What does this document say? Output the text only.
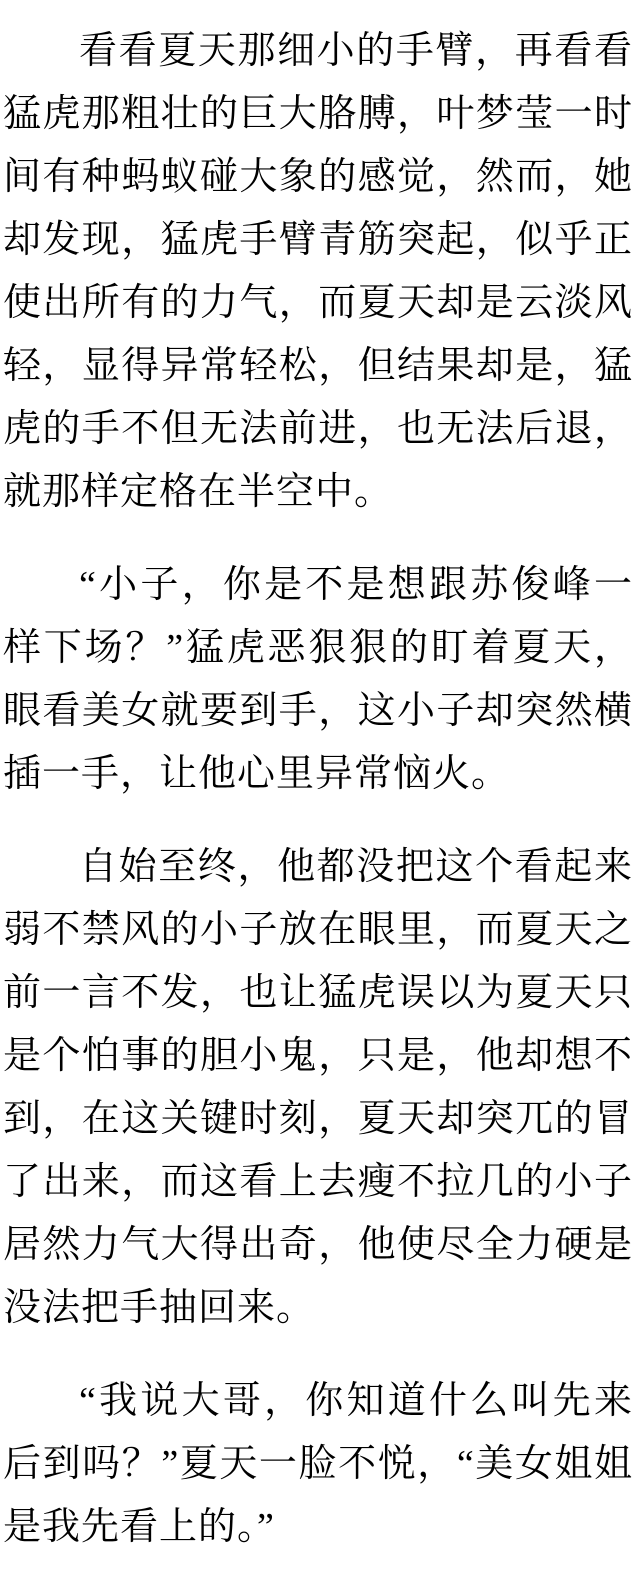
看看夏天那细小的手臂，再看看猛虎那粗壮的巨大胳膊，叶梦莹一时间有种蚂蚁碰大象的感觉，然而，她却发现，猛虎手臂青筋突起，似乎正使出所有的力气，而夏天却是云淡风轻，显得异常轻松，但结果却是，猛虎的手不但无法前进，也无法后退，就那样定格在半空中。

“小子，你是不是想跟苏俊峰一样下场？”猛虎恶狠狠的盯着夏天，眼看美女就要到手，这小子却突然横插一手，让他心里异常恼火。

自始至终，他都没把这个看起来弱不禁风的小子放在眼里，而夏天之前一言不发，也让猛虎误以为夏天只是个怕事的胆小鬼，只是，他却想不到，在这关键时刻，夏天却突兀的冒了出来，而这看上去瘦不拉几的小子居然力气大得出奇，他使尽全力硬是没法把手抽回来。

“我说大哥，你知道什么叫先来后到吗？”夏天一脸不悦，“美女姐姐是我先看上的。”
